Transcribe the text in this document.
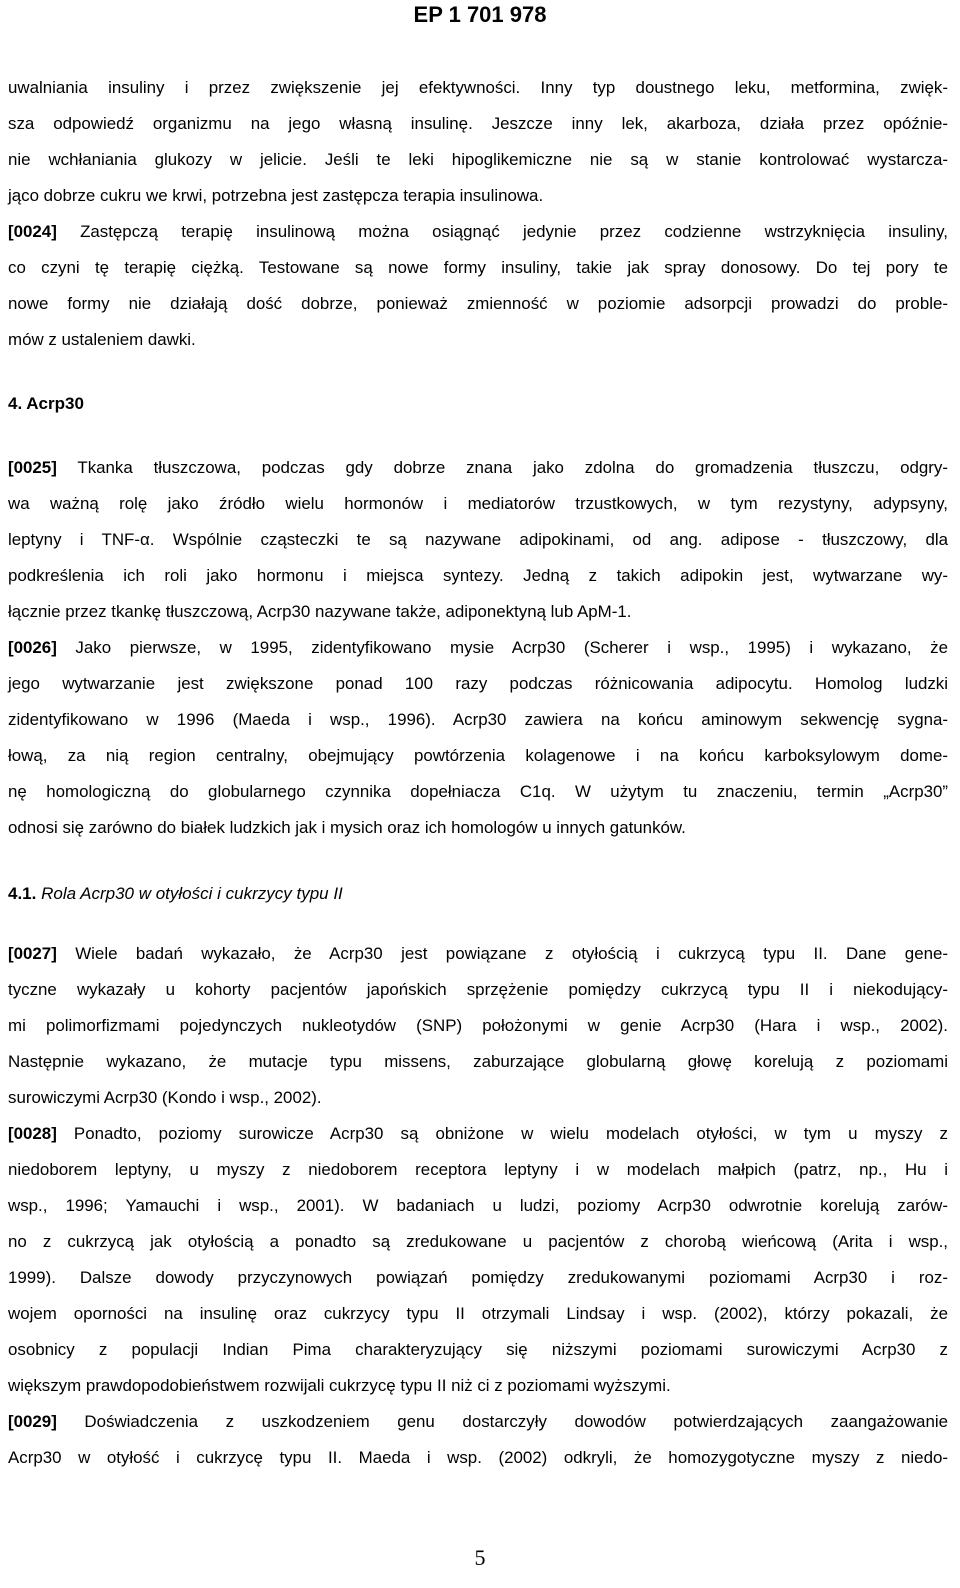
EP 1 701 978
uwalniania insuliny i przez zwiększenie jej efektywności. Inny typ doustnego leku, metformina, zwięk-
sza odpowiedź organizmu na jego własną insulinę. Jeszcze inny lek, akarboza, działa przez opóźnie-
nie wchłaniania glukozy w jelicie. Jeśli te leki hipoglikemiczne nie są w stanie kontrolować wystarcza-
jąco dobrze cukru we krwi, potrzebna jest zastępcza terapia insulinowa.
[0024] Zastępczą terapię insulinową można osiągnąć jedynie przez codzienne wstrzyknięcia insuliny,
co czyni tę terapię ciężką. Testowane są nowe formy insuliny, takie jak spray donosowy. Do tej pory te
nowe formy nie działają dość dobrze, ponieważ zmienność w poziomie adsorpcji prowadzi do proble-
mów z ustaleniem dawki.
4. Acrp30
[0025] Tkanka tłuszczowa, podczas gdy dobrze znana jako zdolna do gromadzenia tłuszczu, odgry-
wa ważną rolę jako źródło wielu hormonów i mediatorów trzustkowych, w tym rezystyny, adypsyny,
leptyny i TNF-α. Wspólnie cząsteczki te są nazywane adipokinami, od ang. adipose - tłuszczowy, dla
podkreślenia ich roli jako hormonu i miejsca syntezy. Jedną z takich adipokin jest, wytwarzane wy-
łącznie przez tkankę tłuszczową, Acrp30 nazywane także, adiponektyną lub ApM-1.
[0026] Jako pierwsze, w 1995, zidentyfikowano mysie Acrp30 (Scherer i wsp., 1995) i wykazano, że
jego wytwarzanie jest zwiększone ponad 100 razy podczas różnicowania adipocytu. Homolog ludzki
zidentyfikowano w 1996 (Maeda i wsp., 1996). Acrp30 zawiera na końcu aminowym sekwencję sygna-
łową, za nią region centralny, obejmujący powtórzenia kolagenowe i na końcu karboksylowym dome-
nę homologiczną do globularnego czynnika dopełniacza C1q. W użytym tu znaczeniu, termin „Acrp30”
odnosi się zarówno do białek ludzkich jak i mysich oraz ich homologów u innych gatunków.
4.1. Rola Acrp30 w otyłości i cukrzycy typu II
[0027] Wiele badań wykazało, że Acrp30 jest powiązane z otyłością i cukrzycą typu II. Dane gene-
tyczne wykazały u kohorty pacjentów japońskich sprzężenie pomiędzy cukrzycą typu II i niekodujący-
mi polimorfizmami pojedynczych nukleotydów (SNP) położonymi w genie Acrp30 (Hara i wsp., 2002).
Następnie wykazano, że mutacje typu missens, zaburzające globularną głowę korelują z poziomami
surowiczymi Acrp30 (Kondo i wsp., 2002).
[0028] Ponadto, poziomy surowicze Acrp30 są obniżone w wielu modelach otyłości, w tym u myszy z
niedoborem leptyny, u myszy z niedoborem receptora leptyny i w modelach małpich (patrz, np., Hu i
wsp., 1996; Yamauchi i wsp., 2001). W badaniach u ludzi, poziomy Acrp30 odwrotnie korelują zarów-
no z cukrzycą jak otyłością a ponadto są zredukowane u pacjentów z chorobą wieńcową (Arita i wsp.,
1999). Dalsze dowody przyczynowych powiązań pomiędzy zredukowanymi poziomami Acrp30 i roz-
wojem oporności na insulinę oraz cukrzycy typu II otrzymali Lindsay i wsp. (2002), którzy pokazali, że
osobnicy z populacji Indian Pima charakteryzujący się niższymi poziomami surowiczymi Acrp30 z
większym prawdopodobieństwem rozwijali cukrzycę typu II niż ci z poziomami wyższymi.
[0029] Doświadczenia z uszkodzeniem genu dostarczyły dowodów potwierdzających zaangażowanie
Acrp30 w otyłość i cukrzycę typu II. Maeda i wsp. (2002) odkryli, że homozygotyczne myszy z niedo-
5
